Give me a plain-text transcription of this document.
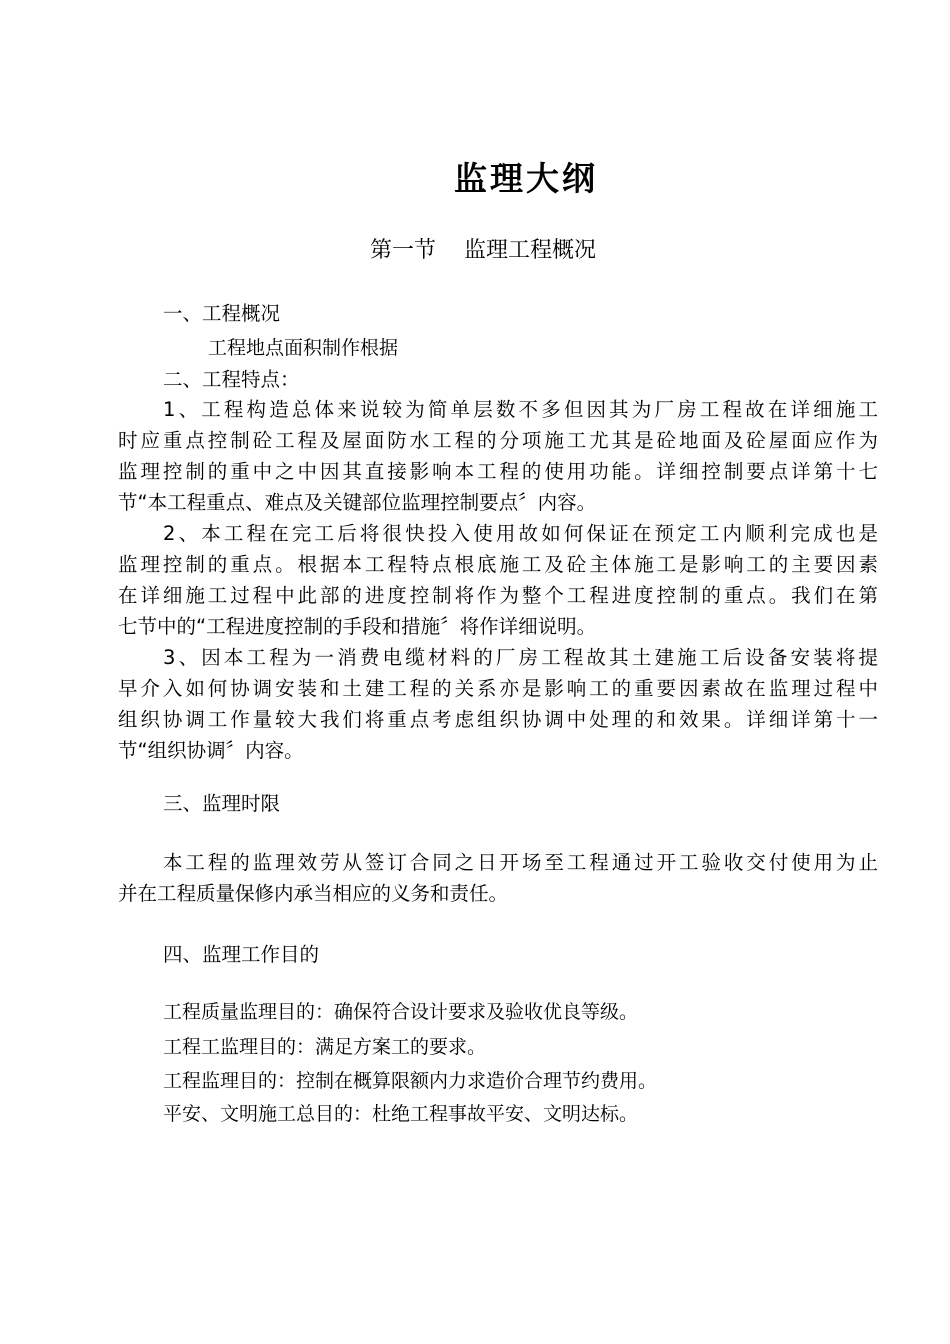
监理大纲
第一节 监理工程概况
一、工程概况
工程地点面积制作根据
二、工程特点：
1、工程构造总体来说较为简单层数不多但因其为厂房工程故在详细施工
时应重点控制砼工程及屋面防水工程的分项施工尤其是砼地面及砼屋面应作为
监理控制的重中之中因其直接影响本工程的使用功能。详细控制要点详第十七
节“本工程重点、难点及关键部位监理控制要点〞内容。
2、本工程在完工后将很快投入使用故如何保证在预定工内顺利完成也是
监理控制的重点。根据本工程特点根底施工及砼主体施工是影响工的主要因素
在详细施工过程中此部的进度控制将作为整个工程进度控制的重点。我们在第
七节中的“工程进度控制的手段和措施〞将作详细说明。
3、因本工程为一消费电缆材料的厂房工程故其土建施工后设备安装将提
早介入如何协调安装和土建工程的关系亦是影响工的重要因素故在监理过程中
组织协调工作量较大我们将重点考虑组织协调中处理的和效果。详细详第十一
节“组织协调〞内容。
三、监理时限
本工程的监理效劳从签订合同之日开场至工程通过开工验收交付使用为止
并在工程质量保修内承当相应的义务和责任。
四、监理工作目的
工程质量监理目的：确保符合设计要求及验收优良等级。
工程工监理目的：满足方案工的要求。
工程监理目的：控制在概算限额内力求造价合理节约费用。
平安、文明施工总目的：杜绝工程事故平安、文明达标。
